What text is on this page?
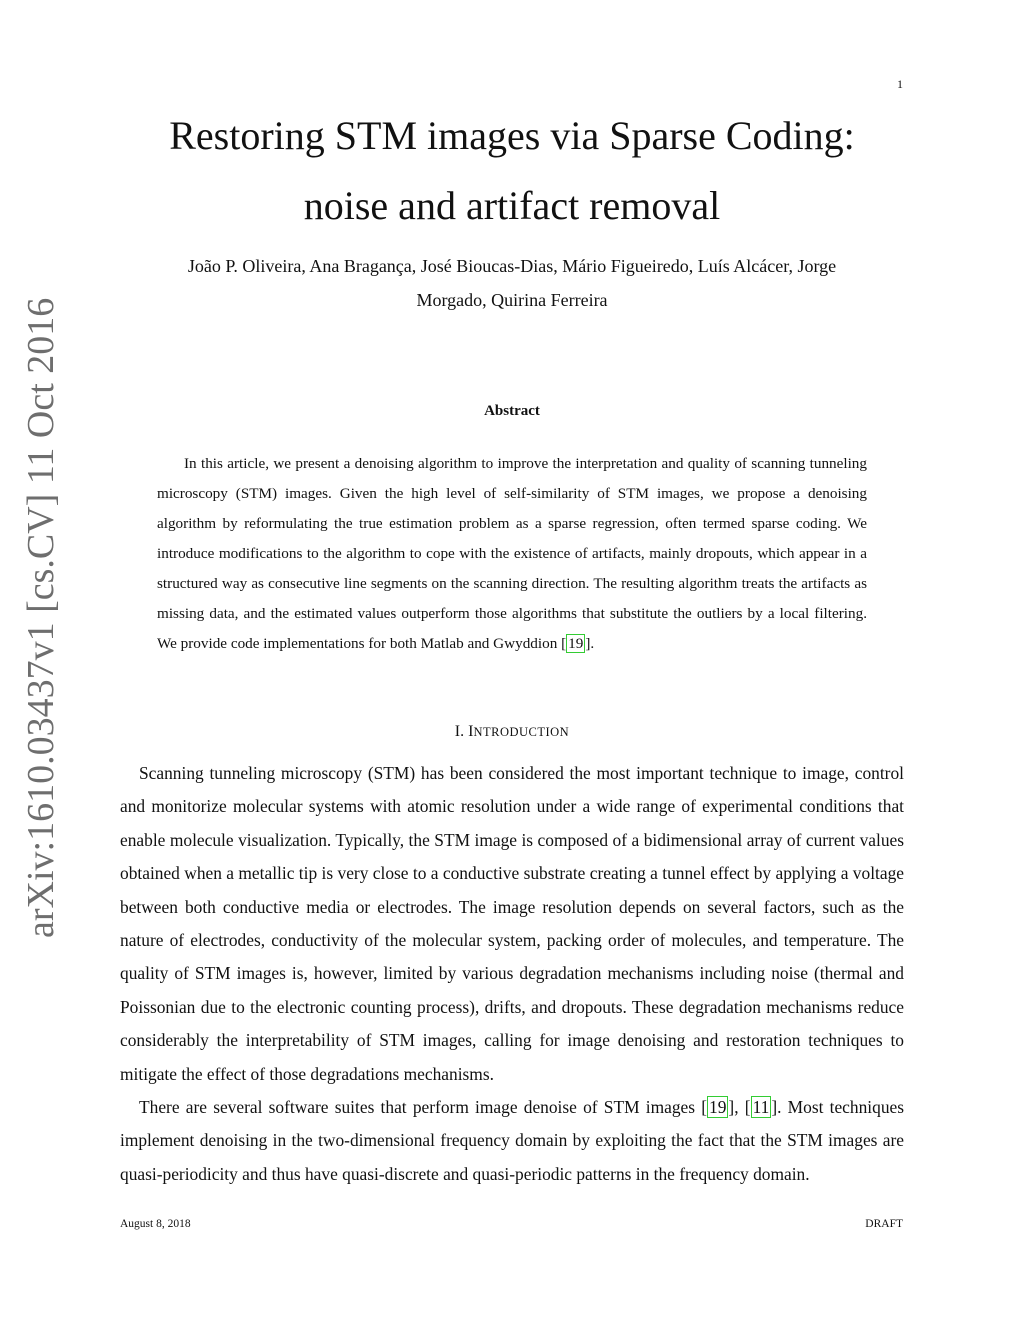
1
arXiv:1610.03437v1 [cs.CV] 11 Oct 2016
Restoring STM images via Sparse Coding:
noise and artifact removal
João P. Oliveira, Ana Bragança, José Bioucas-Dias, Mário Figueiredo, Luís Alcácer, Jorge
Morgado, Quirina Ferreira
Abstract
In this article, we present a denoising algorithm to improve the interpretation and quality of scanning tunneling microscopy (STM) images. Given the high level of self-similarity of STM images, we propose a denoising algorithm by reformulating the true estimation problem as a sparse regression, often termed sparse coding. We introduce modifications to the algorithm to cope with the existence of artifacts, mainly dropouts, which appear in a structured way as consecutive line segments on the scanning direction. The resulting algorithm treats the artifacts as missing data, and the estimated values outperform those algorithms that substitute the outliers by a local filtering. We provide code implementations for both Matlab and Gwyddion [ 19 ].
I. INTRODUCTION
Scanning tunneling microscopy (STM) has been considered the most important technique to image, control and monitorize molecular systems with atomic resolution under a wide range of experimental conditions that enable molecule visualization. Typically, the STM image is composed of a bidimensional array of current values obtained when a metallic tip is very close to a conductive substrate creating a tunnel effect by applying a voltage between both conductive media or electrodes. The image resolution depends on several factors, such as the nature of electrodes, conductivity of the molecular system, packing order of molecules, and temperature. The quality of STM images is, however, limited by various degradation mechanisms including noise (thermal and Poissonian due to the electronic counting process), drifts, and dropouts. These degradation mechanisms reduce considerably the interpretability of STM images, calling for image denoising and restoration techniques to mitigate the effect of those degradations mechanisms.
There are several software suites that perform image denoise of STM images [ 19 ], [ 11 ]. Most techniques implement denoising in the two-dimensional frequency domain by exploiting the fact that the STM images are quasi-periodicity and thus have quasi-discrete and quasi-periodic patterns in the frequency domain.
August 8, 2018	DRAFT
